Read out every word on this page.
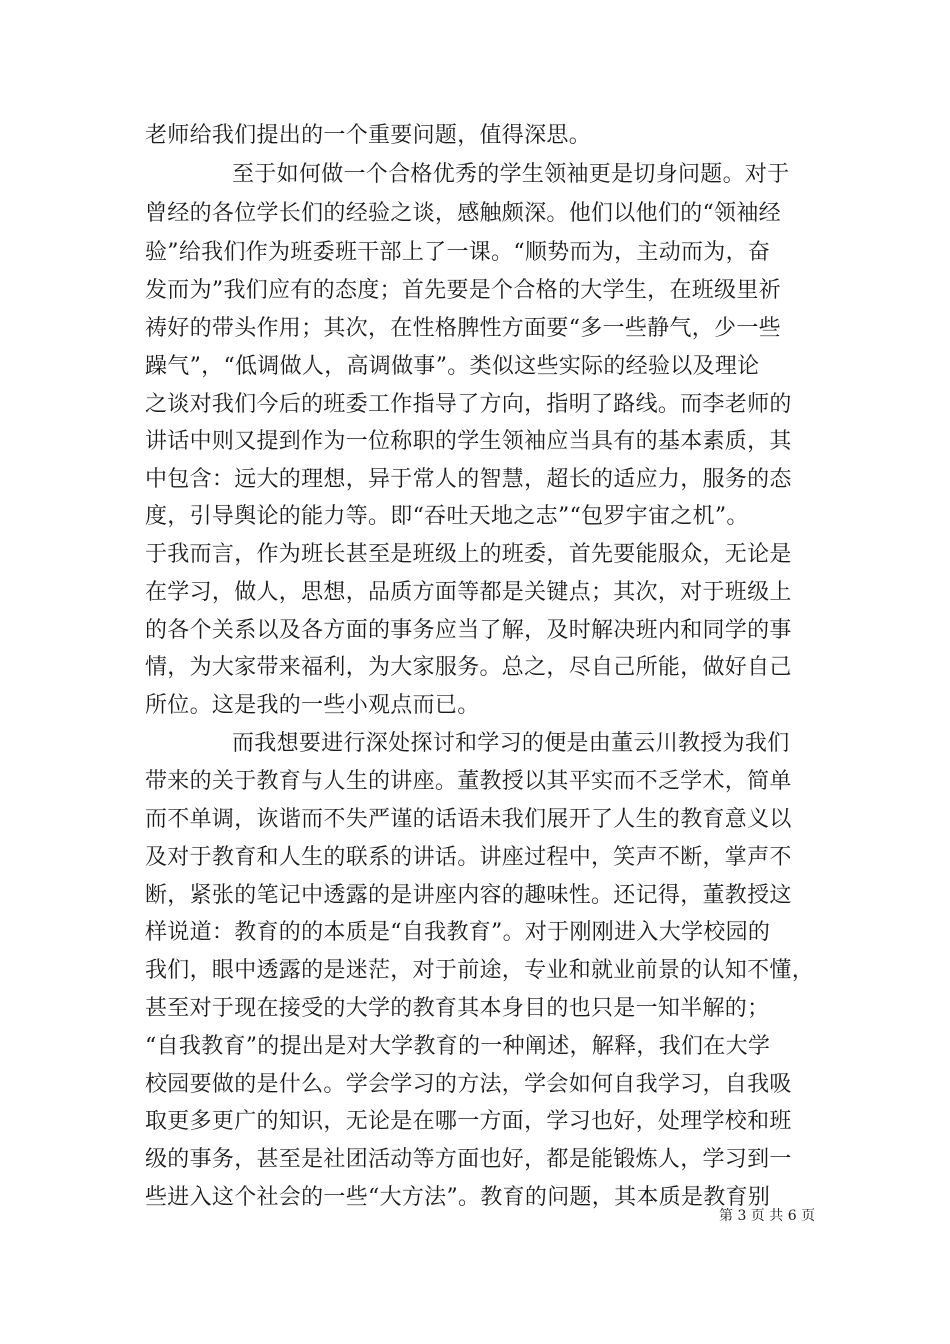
老师给我们提出的一个重要问题，值得深思。
至于如何做一个合格优秀的学生领袖更是切身问题。对于
曾经的各位学长们的经验之谈，感触颇深。他们以他们的“领袖经
验”给我们作为班委班干部上了一课。“顺势而为，主动而为，奋
发而为”我们应有的态度；首先要是个合格的大学生，在班级里祈
祷好的带头作用；其次，在性格脾性方面要“多一些静气，少一些
躁气”，“低调做人，高调做事”。类似这些实际的经验以及理论
之谈对我们今后的班委工作指导了方向，指明了路线。而李老师的
讲话中则又提到作为一位称职的学生领袖应当具有的基本素质，其
中包含：远大的理想，异于常人的智慧，超长的适应力，服务的态
度，引导舆论的能力等。即“吞吐天地之志”“包罗宇宙之机”。
于我而言，作为班长甚至是班级上的班委，首先要能服众，无论是
在学习，做人，思想，品质方面等都是关键点；其次，对于班级上
的各个关系以及各方面的事务应当了解，及时解决班内和同学的事
情，为大家带来福利，为大家服务。总之，尽自己所能，做好自己
所位。这是我的一些小观点而已。
而我想要进行深处探讨和学习的便是由董云川教授为我们
带来的关于教育与人生的讲座。董教授以其平实而不乏学术，简单
而不单调，诙谐而不失严谨的话语未我们展开了人生的教育意义以
及对于教育和人生的联系的讲话。讲座过程中，笑声不断，掌声不
断，紧张的笔记中透露的是讲座内容的趣味性。还记得，董教授这
样说道：教育的的本质是“自我教育”。对于刚刚进入大学校园的
我们，眼中透露的是迷茫，对于前途，专业和就业前景的认知不懂，
甚至对于现在接受的大学的教育其本身目的也只是一知半解的；
“自我教育”的提出是对大学教育的一种阐述，解释，我们在大学
校园要做的是什么。学会学习的方法，学会如何自我学习，自我吸
取更多更广的知识，无论是在哪一方面，学习也好，处理学校和班
级的事务，甚至是社团活动等方面也好，都是能锻炼人，学习到一
些进入这个社会的一些“大方法”。教育的问题，其本质是教育别
第 3 页 共 6 页
